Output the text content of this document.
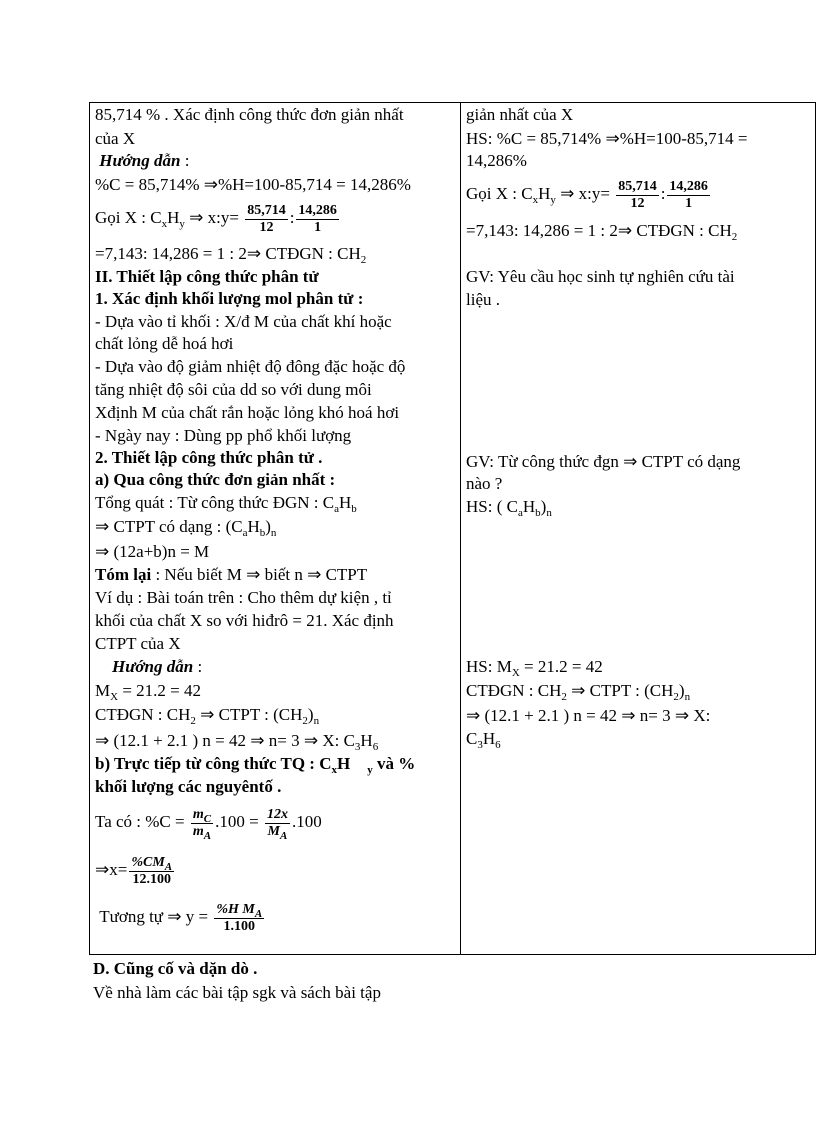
85,714 % . Xác định công thức đơn giản nhất
của X
Hướng dẫn :
%C = 85,714% ⇒%H=100-85,714 = 14,286%
Gọi X : $C_xH_y$ ⇒ x:y= $\frac{85,714}{12}$ : $\frac{14,286}{1}$
=7,143: 14,286 = 1 : 2⇒ CTĐGN : $CH_2$
II. Thiết lập công thức phân tử
1. Xác định khối lượng mol phân tử :
- Dựa vào tỉ khối : X/đ M của chất khí hoặc
chất lỏng dễ hoá hơi
- Dựa vào độ giảm nhiệt độ đông đặc hoặc độ
tăng nhiệt độ sôi của dd so với dung môi
Xđịnh M của chất rắn hoặc lỏng khó hoá hơi
- Ngày nay : Dùng pp phổ khối lượng
2. Thiết lập công thức phân tử .
a) Qua công thức đơn giản nhất :
Tổng quát : Từ công thức ĐGN : $C_aH_b$
⇒ CTPT có dạng : $(C_aH_b)_n$
⇒ (12a+b)n = M
Tóm lại : Nếu biết M ⇒ biết n ⇒ CTPT
Ví dụ : Bài toán trên : Cho thêm dự kiện , tỉ
khối của chất X so với hiđrô = 21. Xác định
CTPT của X
Hướng dẫn :
$M_X = 21.2 = 42$
CTĐGN : $CH_2$ ⇒ CTPT : $(CH_2)_n$
⇒ (12.1 + 2.1 ) n = 42 ⇒ n= 3 ⇒ X: $C_3H_6$
b) Trực tiếp từ công thức TQ : $C_xH$ $_y$ và %
khối lượng các nguyêntố .
Ta có : $\%C = \frac{m_C}{m_A} .100 = \frac{12x}{M_A} .100$
⇒x= $\frac{\%CM_A}{12.100}$
Tương tự ⇒ $y = \frac{\%H M_A}{1.100}$
giản nhất của X
HS: %C = 85,714% ⇒%H=100-85,714 =
14,286%
Gọi X : $C_xH_y$ ⇒ x:y= $\frac{85,714}{12}$ : $\frac{14,286}{1}$
=7,143: 14,286 = 1 : 2⇒ CTĐGN : $CH_2$
GV: Yêu cầu học sinh tự nghiên cứu tài
liệu .
GV: Từ công thức đgn ⇒ CTPT có dạng
nào ?
HS: ( $C_aH_b)_n$
HS: $M_X = 21.2 = 42$
CTĐGN : $CH_2$ ⇒ CTPT : $(CH_2)_n$
⇒ (12.1 + 2.1 ) n = 42 ⇒ n= 3 ⇒ X:
$C_3H_6$
D. Cũng cố và dặn dò .
Về nhà làm các bài tập sgk và sách bài tập
